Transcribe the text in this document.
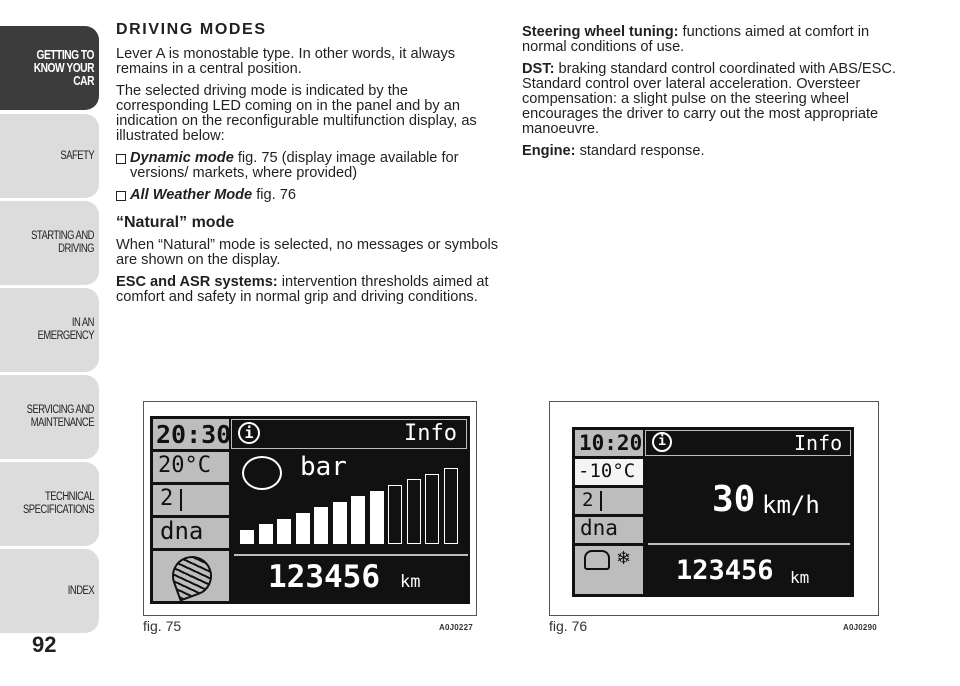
GETTING TO KNOW YOUR CAR
SAFETY
STARTING AND DRIVING
IN AN EMERGENCY
SERVICING AND MAINTENANCE
TECHNICAL SPECIFICATIONS
INDEX
92
DRIVING MODES

Lever A is monostable type. In other words, it always remains in a central position.

The selected driving mode is indicated by the corresponding LED coming on in the panel and by an indication on the reconfigurable multifunction display, as illustrated below:

Dynamic mode fig. 75 (display image available for versions/ markets, where provided)
All Weather Mode fig. 76
“Natural” mode

When “Natural” mode is selected, no messages or symbols are shown on the display.

ESC and ASR systems: intervention thresholds aimed at comfort and safety in normal grip and driving conditions.

Steering wheel tuning: functions aimed at comfort in normal conditions of use.

DST: braking standard control coordinated with ABS/ESC. Standard control over lateral acceleration. Oversteer compensation: a slight pulse on the steering wheel encourages the driver to carry out the most appropriate manoeuvre.

Engine: standard response.

20:30 i	Info
20°C
2
dna
bar
123456 km
fig. 75	A0J0227
10:20	i	Info
-10°C
2
dna
❄
30 km/h
123456 km
fig. 76	A0J0290
